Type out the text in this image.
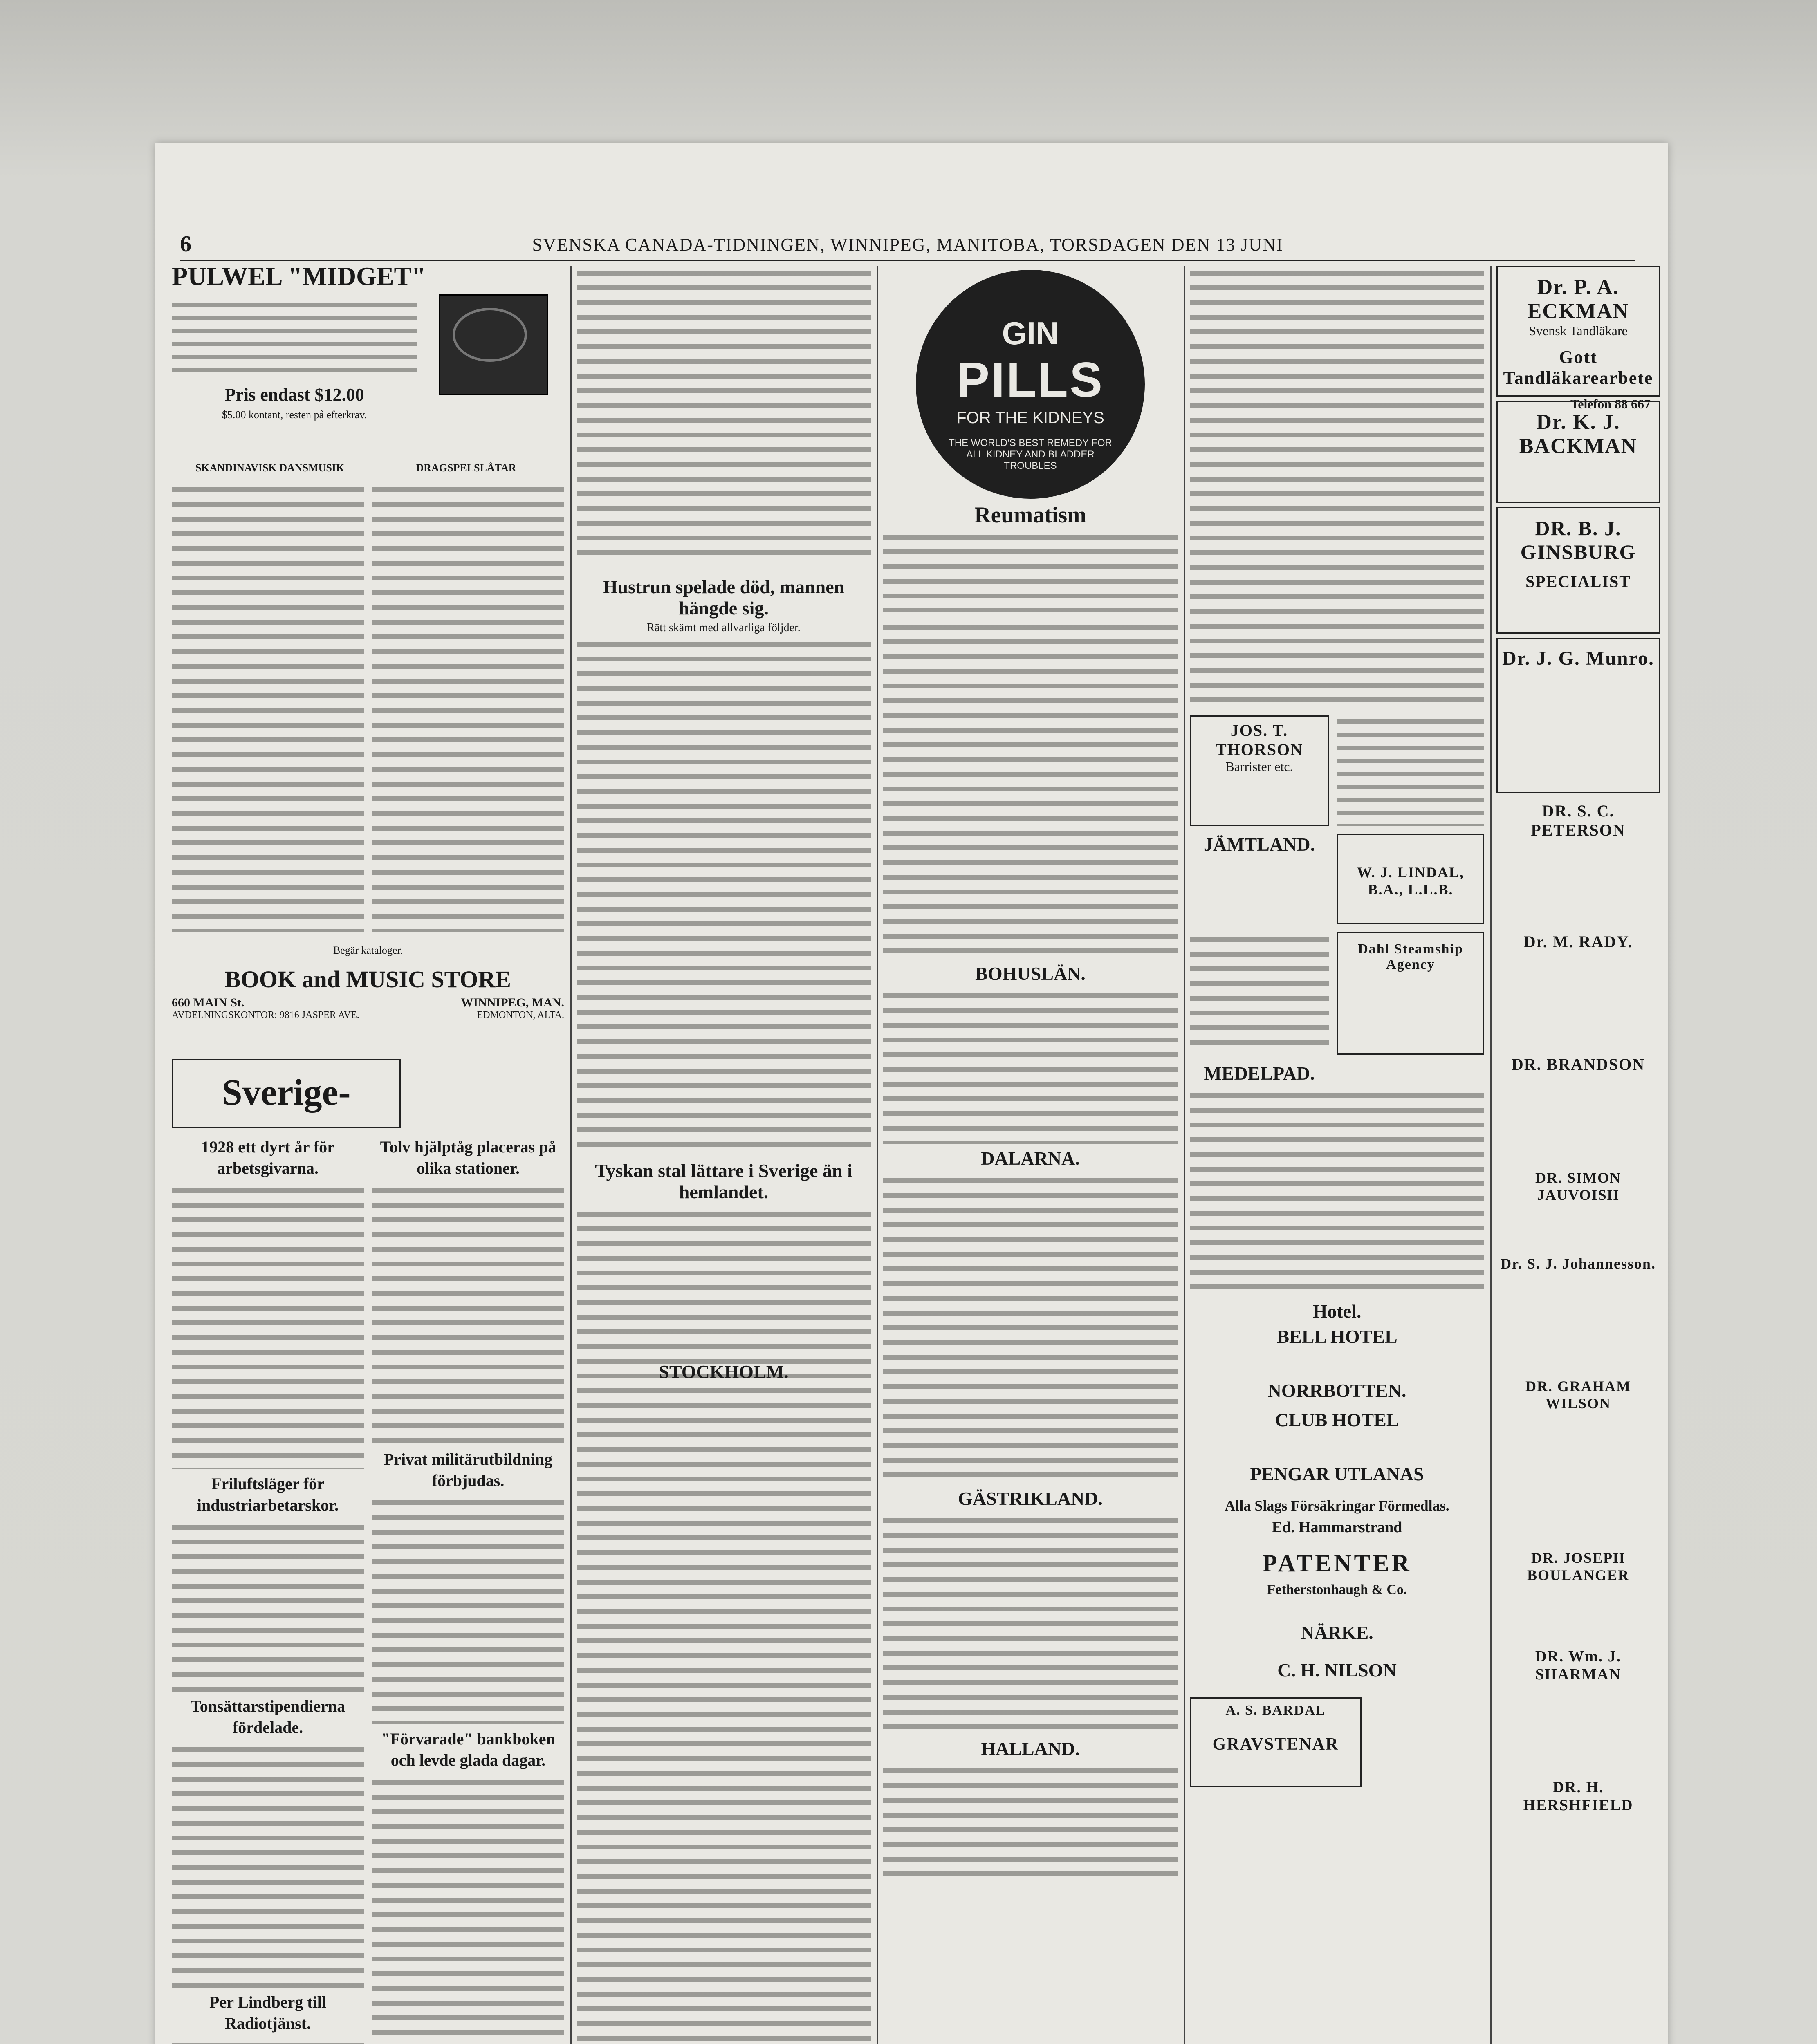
6	SVENSKA CANADA-TIDNINGEN, WINNIPEG, MANITOBA, TORSDAGEN DEN 13 JUNI
PULWEL "MIDGET"
Pris endast $12.00
$5.00 kontant, resten på efterkrav.
SKANDINAVISK DANSMUSIK	DRAGSPELSLÅTAR
Begär kataloger.
BOOK and MUSIC STORE
660 MAIN St.	WINNIPEG, MAN.
AVDELNINGSKONTOR: 9816 JASPER AVE.	EDMONTON, ALTA.
Sverige-
1928 ett dyrt år för arbetsgivarna.
Friluftsläger för industriarbetarskor.
Tonsättarstipendierna fördelade.
Per Lindberg till Radiotjänst.
Tolv hjälptåg placeras på olika stationer.
Privat militärutbildning förbjudas.
"Förvarade" bankboken och levde glada dagar.
Hustrun spelade död, mannen hängde sig.
Rätt skämt med allvarliga följder.
Tyskan stal lättare i Sverige än i hemlandet.
GIN
PILLS
FOR THE KIDNEYS
THE WORLD'S BEST REMEDY FOR ALL KIDNEY AND BLADDER TROUBLES
Reumatism
BOHUSLÄN.
DALARNA.
GÄSTRIKLAND.
HALLAND.
STOCKHOLM.
JOS. T. THORSON
Barrister etc.
W. J. LINDAL, B.A., L.L.B.
JÄMTLAND.
Dahl Steamship Agency
MEDELPAD.
Hotel.
BELL HOTEL
NORRBOTTEN.
CLUB HOTEL
PENGAR UTLANAS
Alla Slags Försäkringar Förmedlas.
Ed. Hammarstrand
PATENTER
Fetherstonhaugh & Co.
NÄRKE.
C. H. NILSON
A. S. BARDAL
GRAVSTENAR
Dr. P. A. ECKMAN
Svensk Tandläkare
Gott Tandläkarearbete
Telefon 88 667
Dr. K. J. BACKMAN
DR. B. J. GINSBURG
SPECIALIST
Dr. J. G. Munro.
DR. S. C. PETERSON
Dr. M. RADY.
DR. BRANDSON
DR. SIMON JAUVOISH
Dr. S. J. Johannesson.
DR. GRAHAM WILSON
DR. JOSEPH BOULANGER
DR. Wm. J. SHARMAN
DR. H. HERSHFIELD
